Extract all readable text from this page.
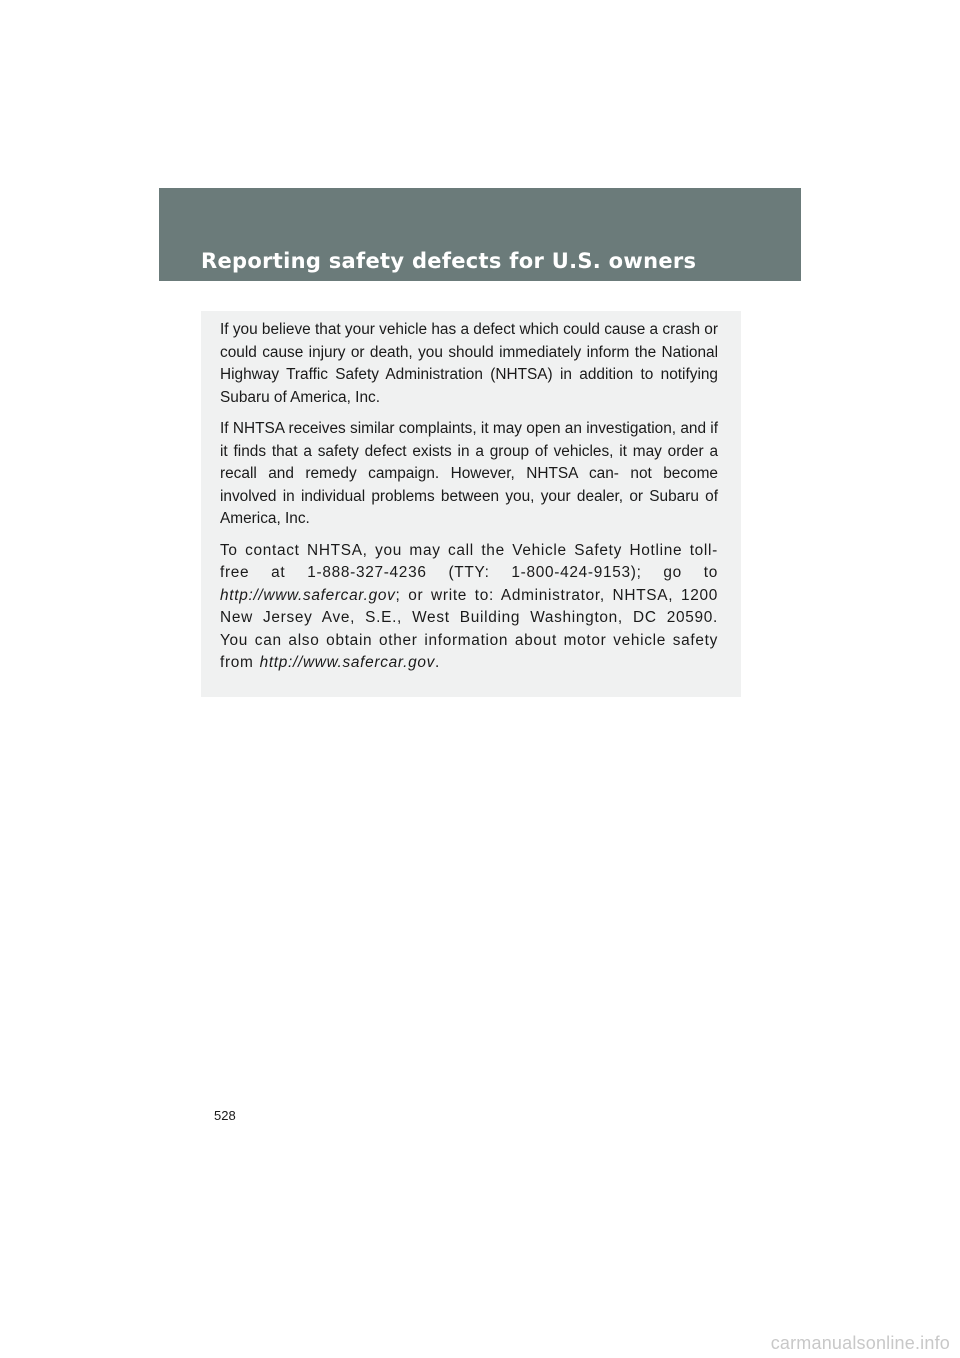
Reporting safety defects for U.S. owners

If you believe that your vehicle has a defect which could cause a crash or could cause injury or death, you should immediately inform the National Highway Traffic Safety Administration (NHTSA) in addition to notifying Subaru of America, Inc.

If NHTSA receives similar complaints, it may open an investigation, and if it finds that a safety defect exists in a group of vehicles, it may order a recall and remedy campaign. However, NHTSA can- not become involved in individual problems between you, your dealer, or Subaru of America, Inc.

To contact NHTSA, you may call the Vehicle Safety Hotline toll-free at 1-888-327-4236 (TTY: 1-800-424-9153); go to http://www.safercar.gov; or write to: Administrator, NHTSA, 1200 New Jersey Ave, S.E., West Building Washington, DC 20590. You can also obtain other information about motor vehicle safety from http://www.safercar.gov.

528
carmanualsonline.info
